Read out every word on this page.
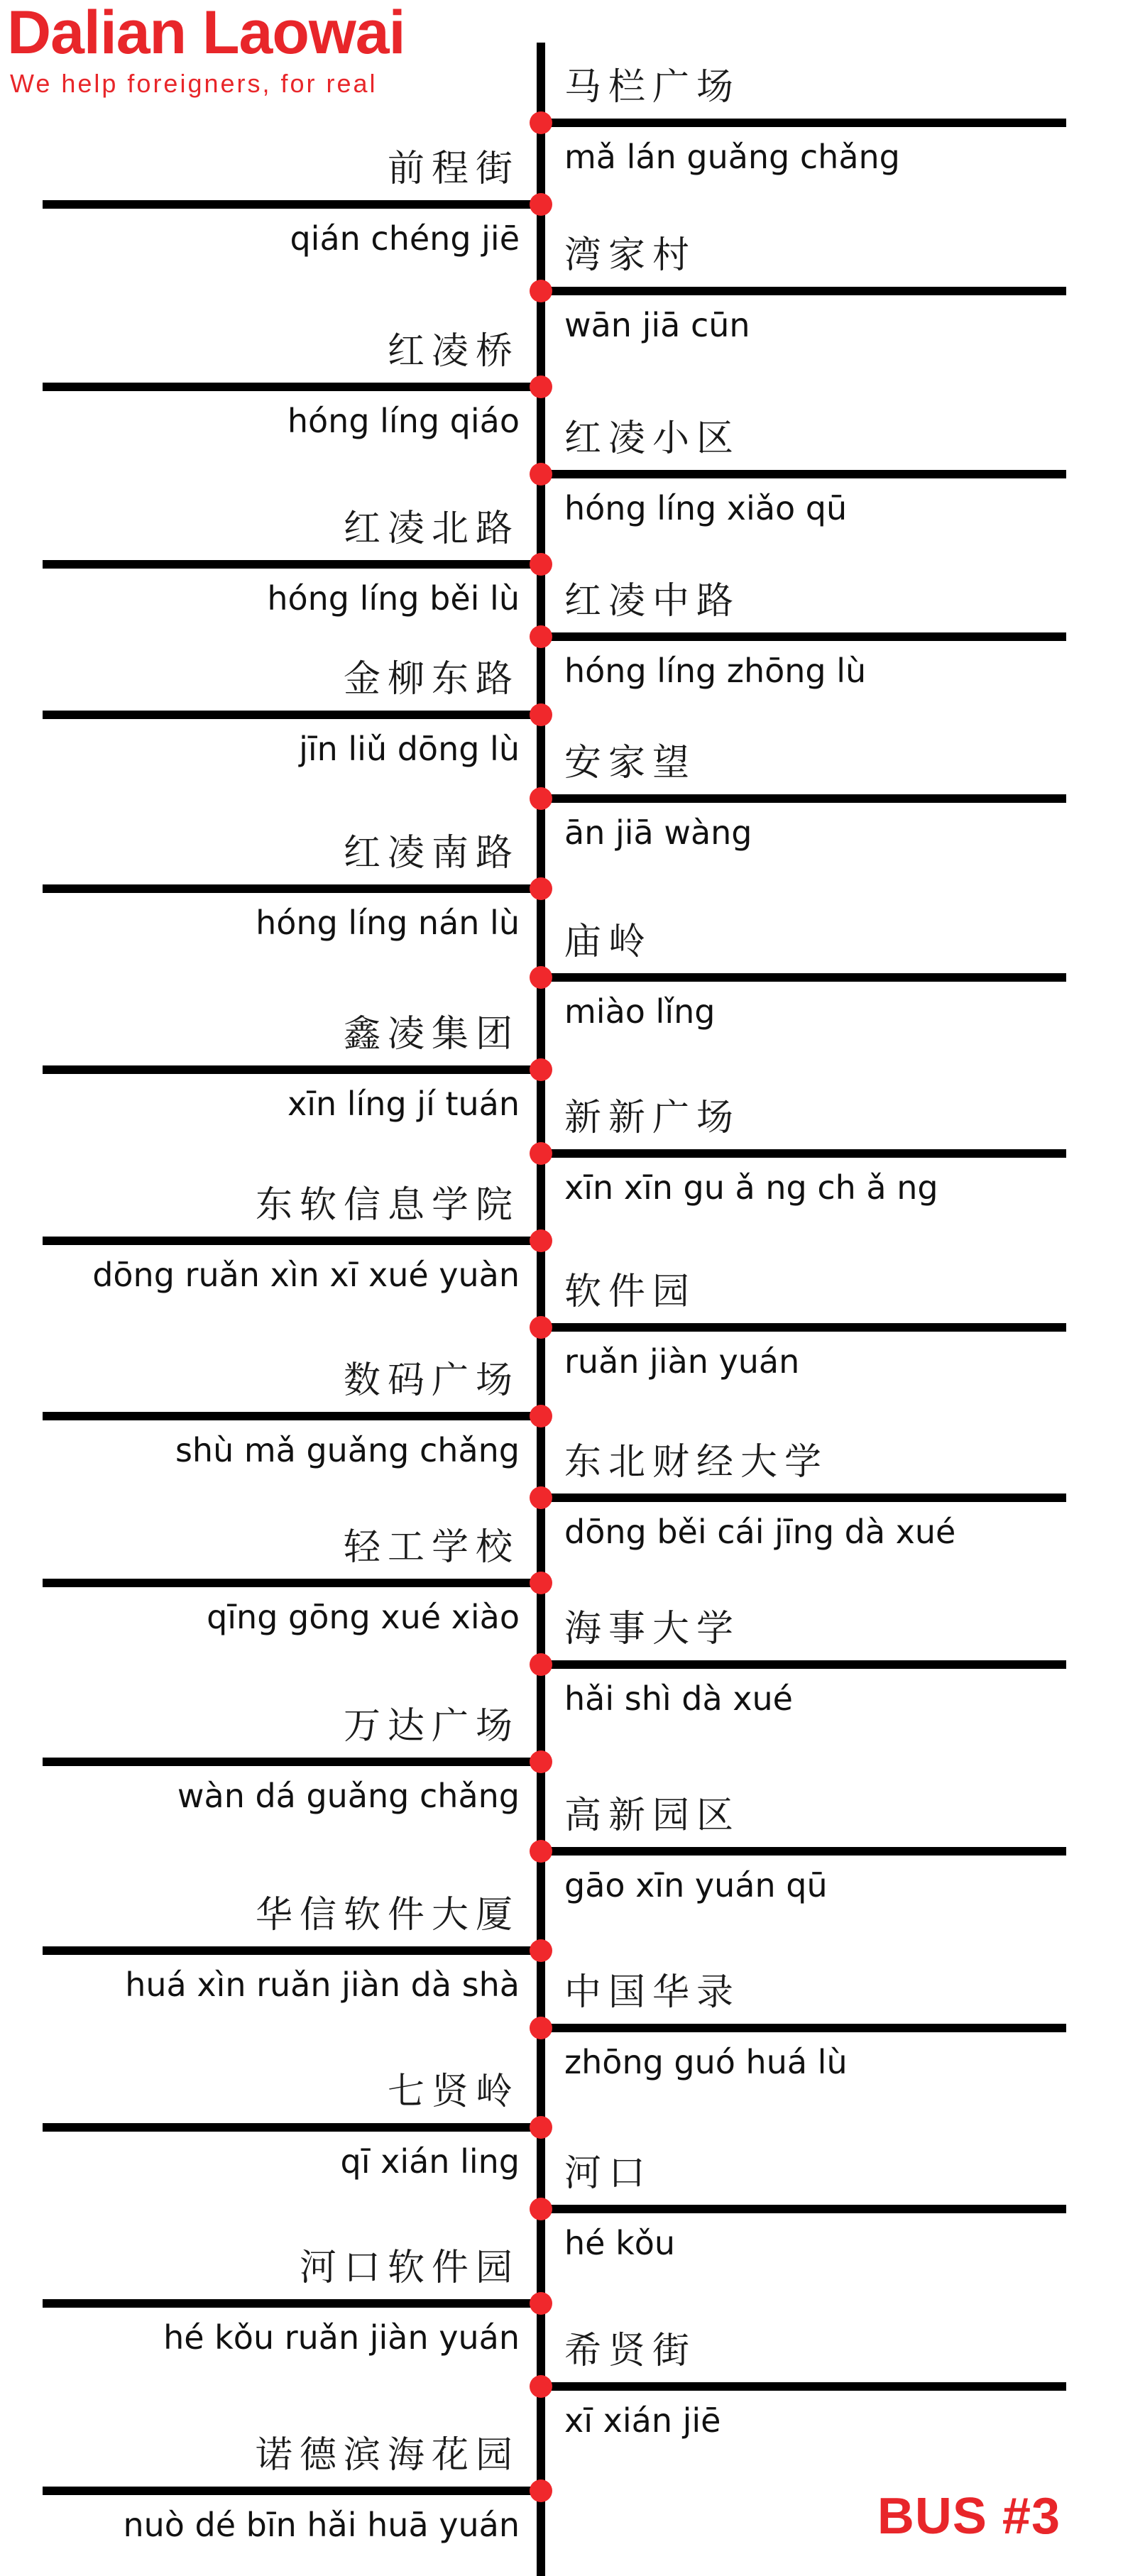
Dalian Laowai
We help foreigners, for real	马栏广场
mǎ lán guǎng chǎng
前程街
qián chéng jiē 湾家村
wān jiā cūn
红凌桥
hóng líng qiáo 红凌小区
hóng líng xiǎo qū
红凌北路
hóng líng běi lù 红凌中路
hóng líng zhōng lù
金柳东路
jīn liǔ dōng lù 安家望
ān jiā wàng
红凌南路
hóng líng nán lù 庙岭
miào lǐng
鑫凌集团
xīn líng jí tuán 新新广场
xīn xīn gu ǎ ng ch ǎ ng
东软信息学院
dōng ruǎn xìn xī xué yuàn 软件园
ruǎn jiàn yuán
数码广场
shù mǎ guǎng chǎng 东北财经大学
dōng běi cái jīng dà xué
轻工学校
qīng gōng xué xiào 海事大学
hǎi shì dà xué
万达广场
wàn dá guǎng chǎng 高新园区
gāo xīn yuán qū
华信软件大厦
huá xìn ruǎn jiàn dà shà 中国华录
zhōng guó huá lù
七贤岭
qī xián ling 河口
hé kǒu
河口软件园
hé kǒu ruǎn jiàn yuán 希贤街
xī xián jiē
诺德滨海花园
nuò dé bīn hǎi huā yuán	BUS #3
